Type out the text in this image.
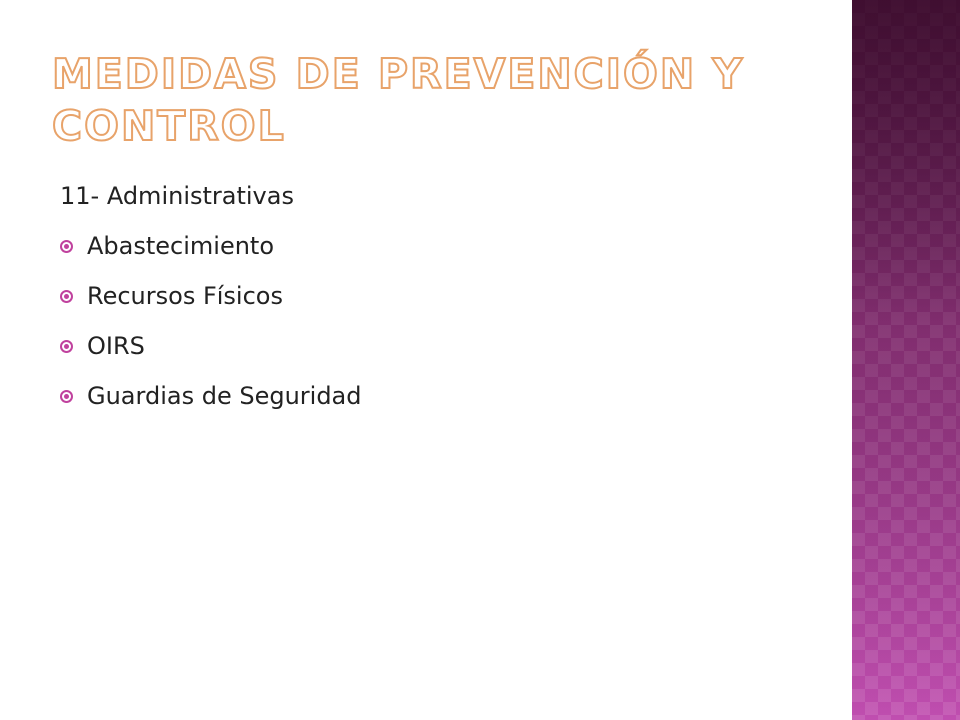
MEDIDAS DE PREVENCIÓN Y CONTROL
11- Administrativas
Abastecimiento
Recursos Físicos
OIRS
Guardias de Seguridad
